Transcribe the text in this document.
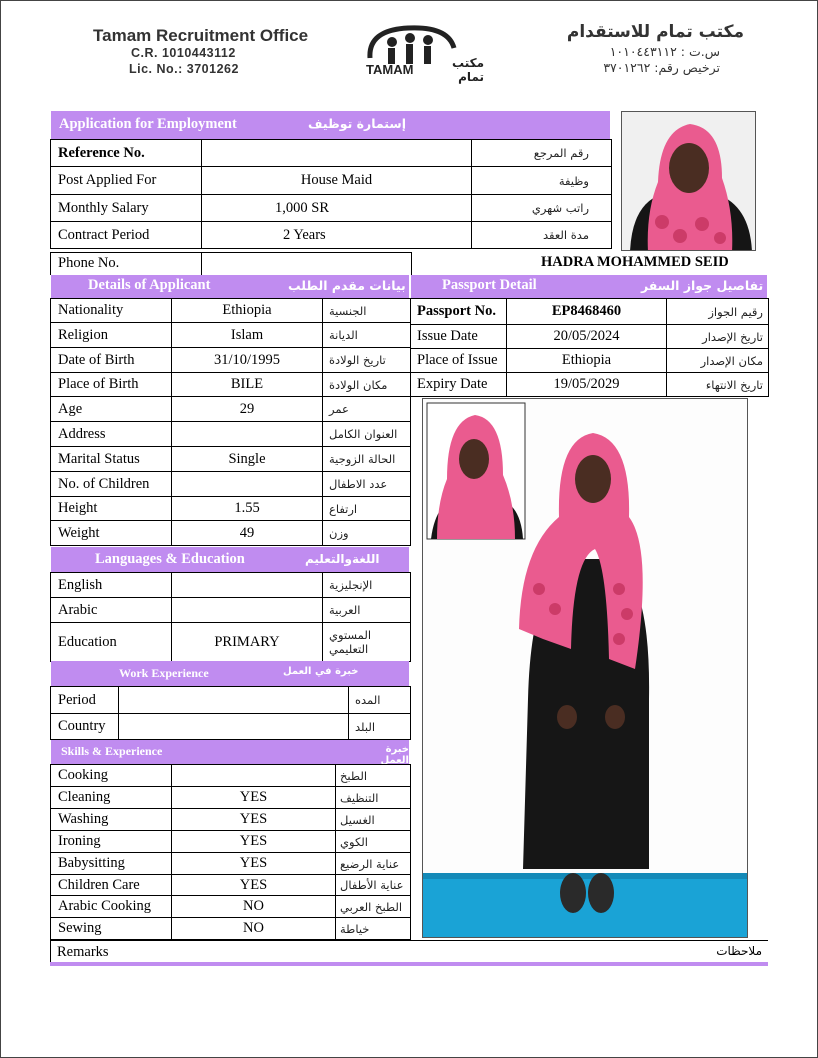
Tamam Recruitment Office
C.R. 1010443112
Lic. No.: 3701262	TAMAM	مكتب تمام
مكتب تمام للاستقدام
س.ت : ١٠١٠٤٤٣١١٢
ترخيص رقم: ٣٧٠١٢٦٢
Application for Employment	إستمارة توظيف
Reference No.		رقم المرجع
Post Applied For	House Maid	وظيفة
Monthly Salary	1,000 SR	راتب شهري
Contract Period	2 Years	مدة العقد
Phone No.		HADRA MOHAMMED SEID
Details of Applicant	بيانات مقدم الطلب
Nationality	Ethiopia	الجنسية
Religion	Islam	الديانة
Date of Birth	31/10/1995	تاريخ الولادة
Place of Birth	BILE	مكان الولادة
Age	29	عمر
Address		العنوان الكامل
Marital Status	Single	الحالة الزوجية
No. of Children		عدد الاطفال
Height	1.55	ارتفاع
Weight	49	وزن
Passport Detail	تفاصيل جواز السفر
Passport No.	EP8468460	رقيم الجواز
Issue Date	20/05/2024	تاريخ الإصدار
Place of Issue	Ethiopia	مكان الإصدار
Expiry Date	19/05/2029	تاريخ الانتهاء
Languages & Education	اللغةوالتعليم
English		الإنجليزية
Arabic		العربية
Education	PRIMARY	المستوي التعليمي
Work Experience	خبرة في العمل
Period		المده
Country		البلد
Skills & Experience	خبرة العمل
Cooking		الطبخ
Cleaning	YES	التنظيف
Washing	YES	الغسيل
Ironing	YES	الكوي
Babysitting	YES	عناية الرضيع
Children Care	YES	عناية الأطفال
Arabic Cooking	NO	الطبخ العربي
Sewing	NO	خياطة
Remarks	ملاحظات
